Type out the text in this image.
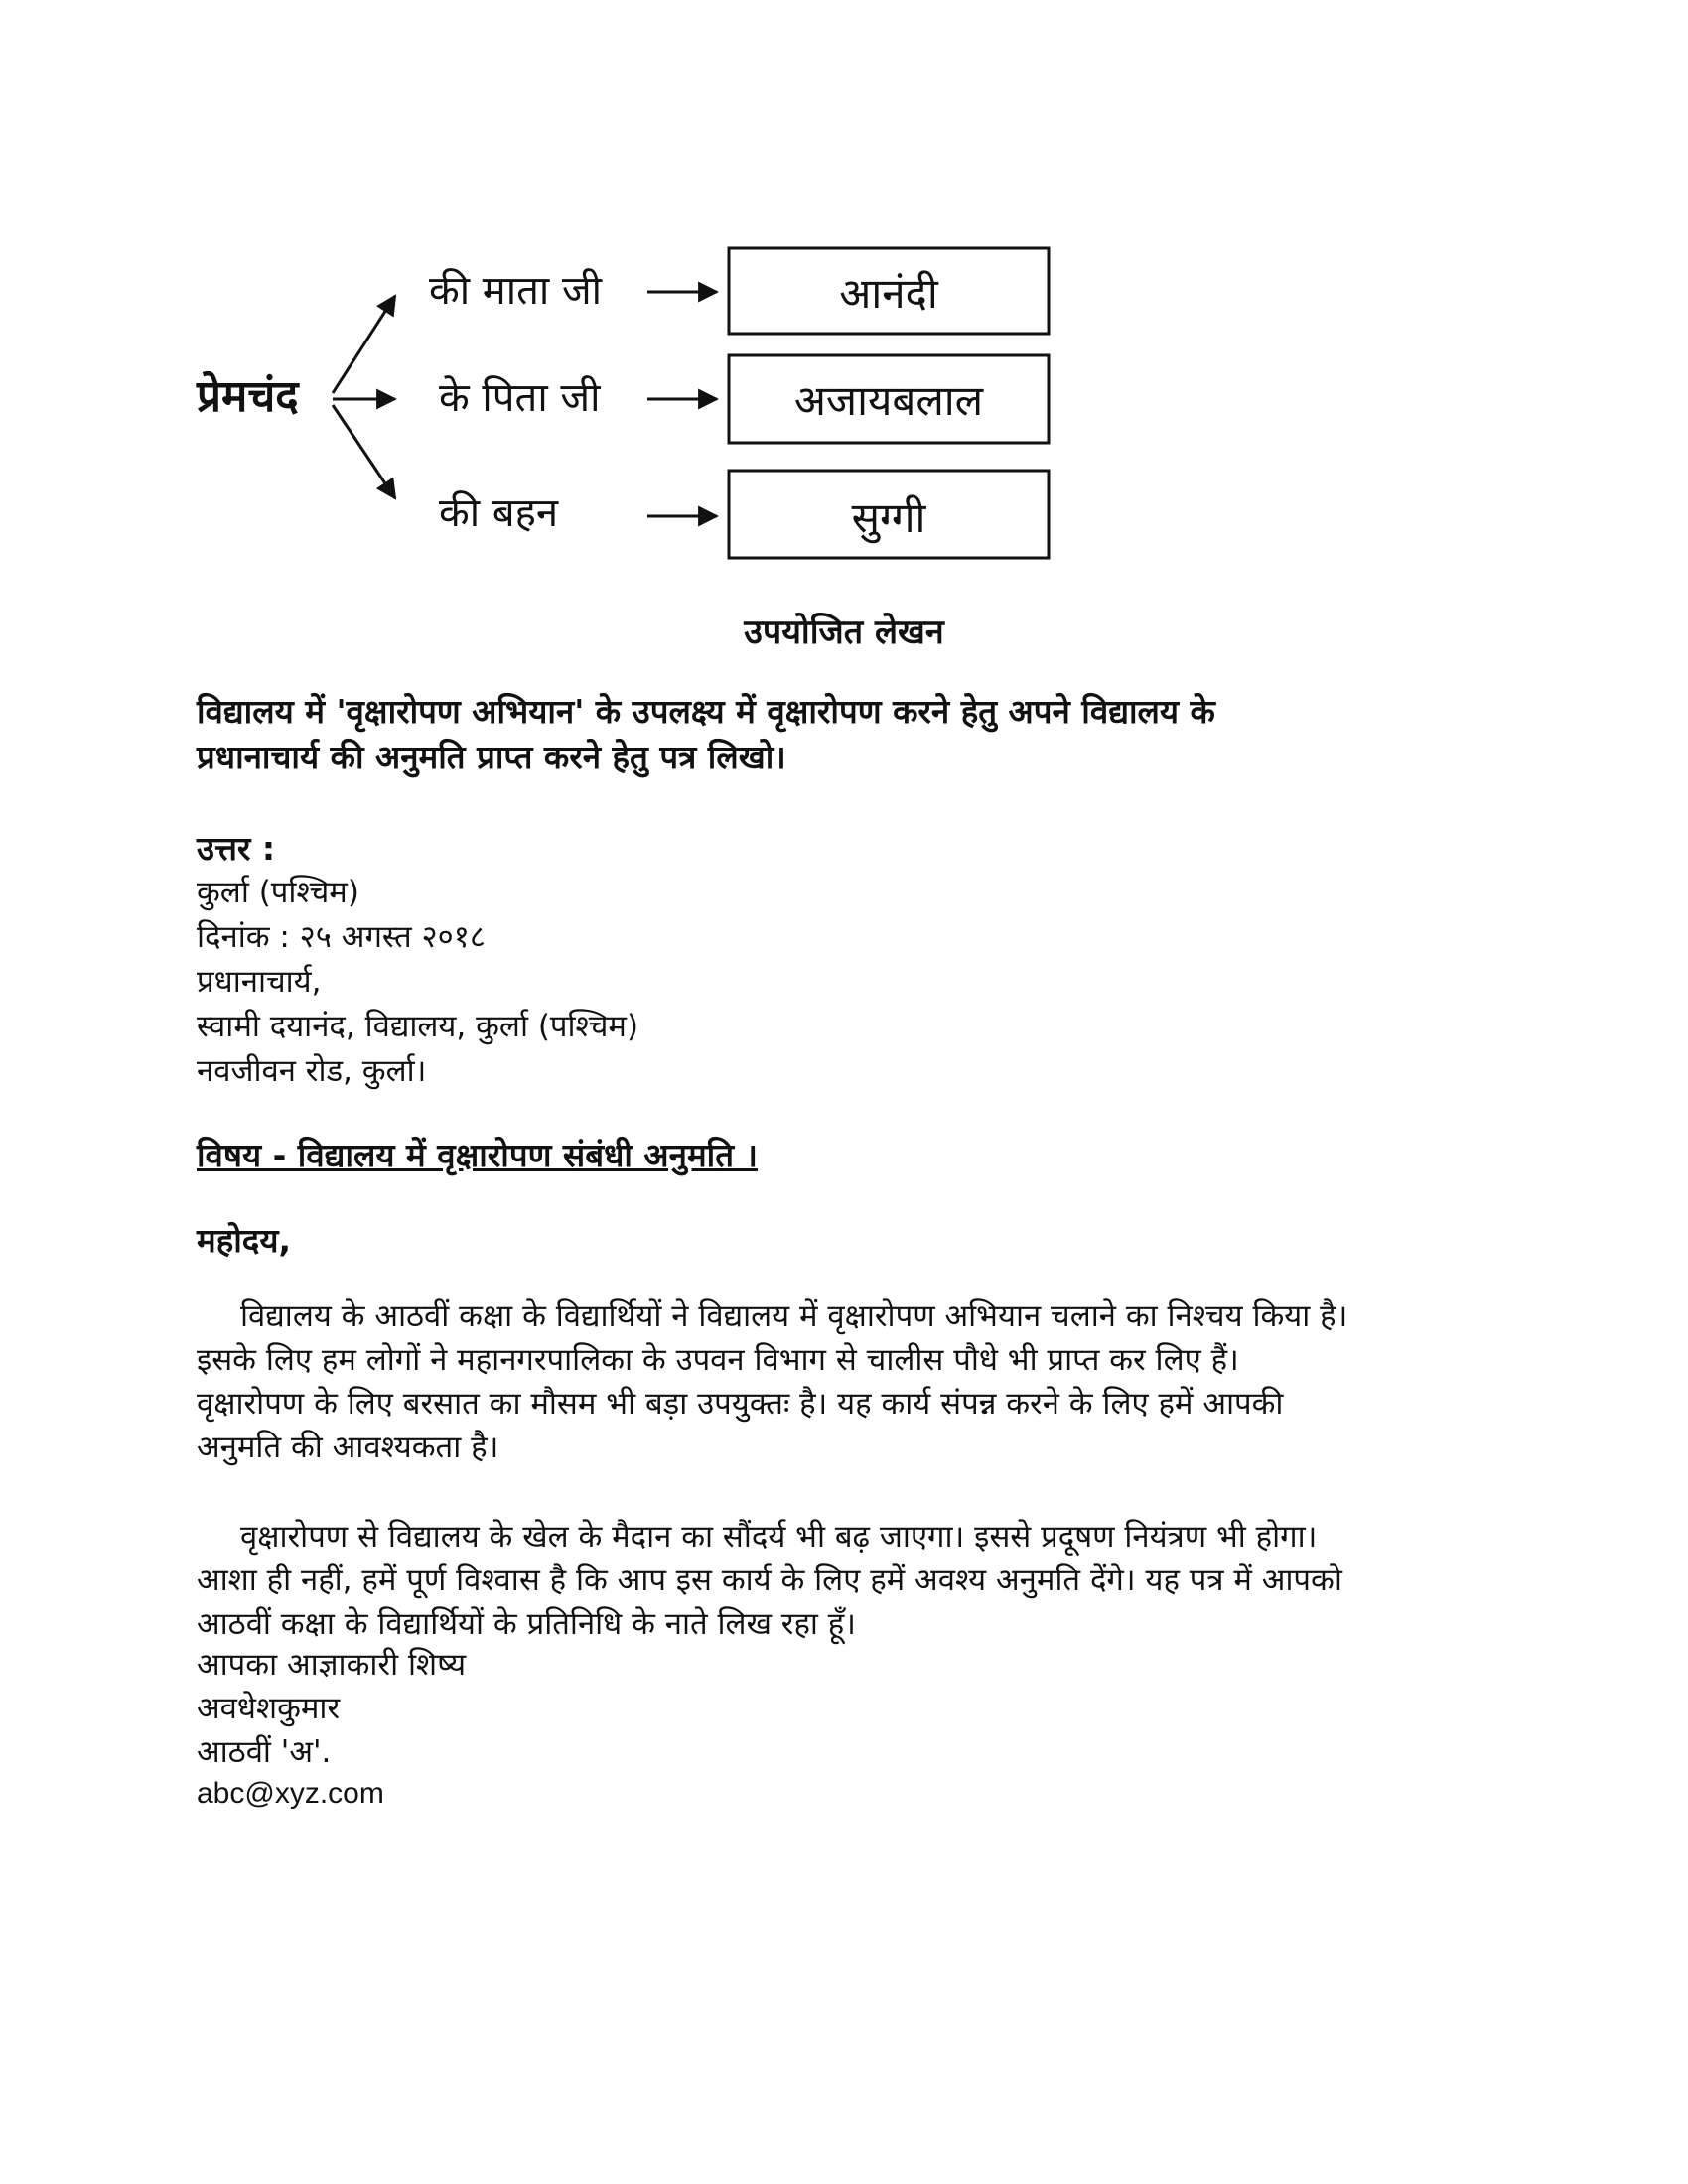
प्रेमचंद
की माता जी	आनंदी
के पिता जी	अजायबलाल
की बहन	सुग्गी
उपयोजित लेखन

विद्यालय में 'वृक्षारोपण अभियान' के उपलक्ष्य में वृक्षारोपण करने हेतु अपने विद्यालय के
प्रधानाचार्य की अनुमति प्राप्त करने हेतु पत्र लिखो।

उत्तर :
कुर्ला (पश्चिम)
दिनांक : २५ अगस्त २०१८
प्रधानाचार्य,
स्वामी दयानंद, विद्यालय, कुर्ला (पश्चिम)
नवजीवन रोड, कुर्ला।

विषय - विद्यालय में वृक्षारोपण संबंधी अनुमति ।

महोदय,

विद्यालय के आठवीं कक्षा के विद्यार्थियों ने विद्यालय में वृक्षारोपण अभियान चलाने का निश्चय किया है।
इसके लिए हम लोगों ने महानगरपालिका के उपवन विभाग से चालीस पौधे भी प्राप्त कर लिए हैं।
वृक्षारोपण के लिए बरसात का मौसम भी बड़ा उपयुक्तः है। यह कार्य संपन्न करने के लिए हमें आपकी
अनुमति की आवश्यकता है।

वृक्षारोपण से विद्यालय के खेल के मैदान का सौंदर्य भी बढ़ जाएगा। इससे प्रदूषण नियंत्रण भी होगा।
आशा ही नहीं, हमें पूर्ण विश्वास है कि आप इस कार्य के लिए हमें अवश्य अनुमति देंगे। यह पत्र में आपको
आठवीं कक्षा के विद्यार्थियों के प्रतिनिधि के नाते लिख रहा हूँ।

आपका आज्ञाकारी शिष्य
अवधेशकुमार
आठवीं 'अ'.
abc@xyz.com
